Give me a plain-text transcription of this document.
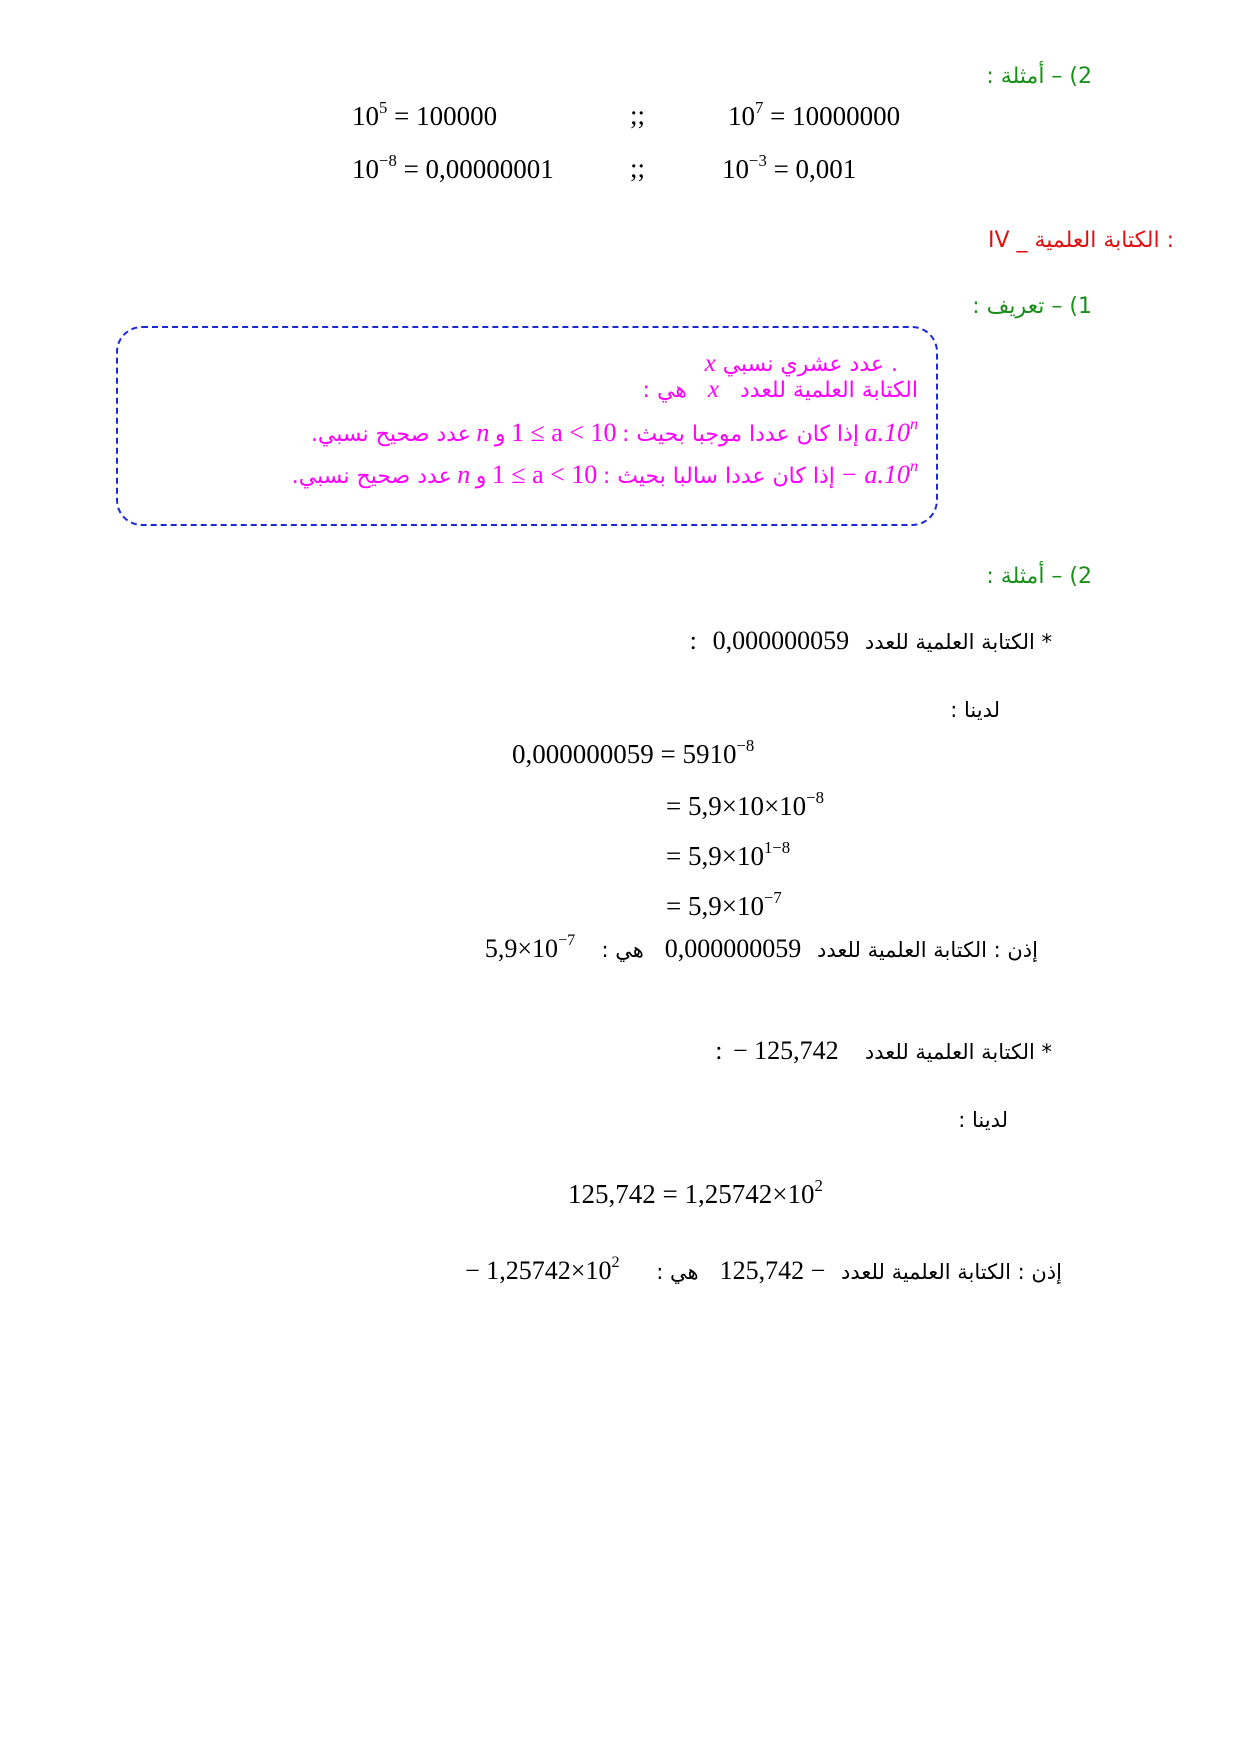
2) – أمثلة :
$10^5 = 100000$	;;	$10^7 = 10000000$
$10^{-8} = 0,00000001$	;;	$10^{-3} = 0,001$
IV _ الكتابة العلمية :
1) – تعريف :
x عدد عشري نسبي .
الكتابة العلمية للعدد   x   هي :
a.10$^n$ إذا كان عددا موجبا بحيث : 1 ≤ a < 10 و n عدد صحيح نسبي.
− $a.10^n$ إذا كان عددا سالبا بحيث : 1 ≤ a < 10 و n عدد صحيح نسبي.
2) – أمثلة :
* الكتابة العلمية للعدد   0,000000059   :
لدينا :
$0,000000059 = 5910^{-8}$
= $5,9\times 10\times 10^{-8}$
= $5,9\times 10^{1-8}$
= $5,9\times 10^{-7}$
إذن : الكتابة العلمية للعدد   0,000000059    هي :     $5,9\times 10^{-7}$
* الكتابة العلمية للعدد     − 125,742  :
لدينا :
$125,742 = 1,25742\times 10^2$
إذن : الكتابة العلمية للعدد   125,742 −    هي :       − $1,25742\times 10^2$
